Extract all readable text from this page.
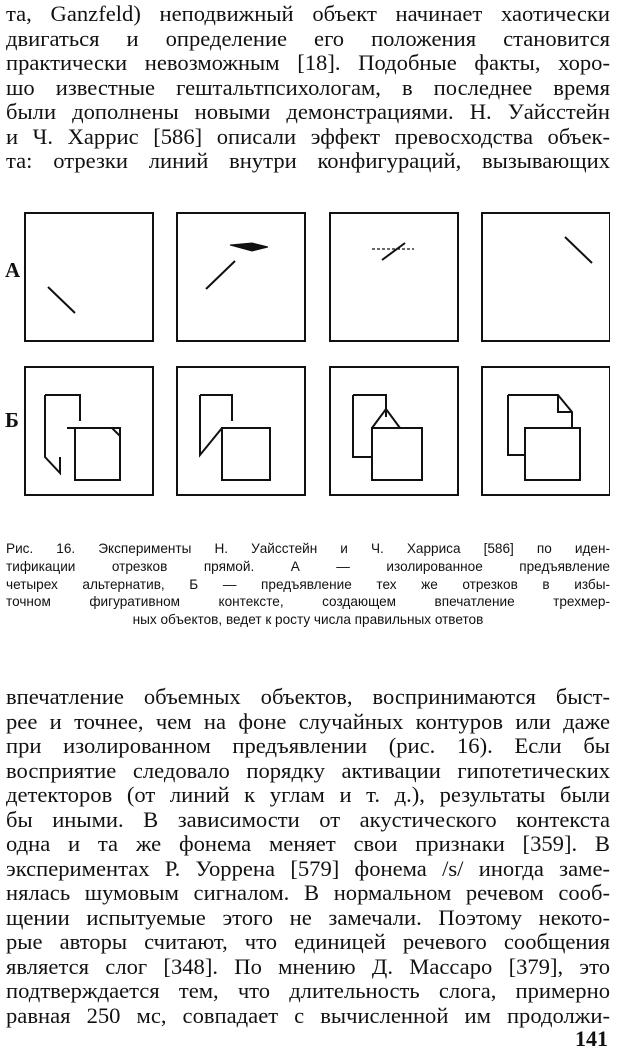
та, Ganzfeld) неподвижный объект начинает хаотически
двигаться и определение его положения становится
практически невозможным [18]. Подобные факты, хоро-
шо известные гештальтпсихологам, в последнее время
были дополнены новыми демонстрациями. Н. Уайсстейн
и Ч. Харрис [586] описали эффект превосходства объек-
та: отрезки линий внутри конфигураций, вызывающих
А
Б
Рис. 16. Эксперименты Н. Уайсстейн и Ч. Харриса [586] по иден-
тификации отрезков прямой. А — изолированное предъявление
четырех альтернатив, Б — предъявление тех же отрезков в избы-
точном фигуративном контексте, создающем впечатление трехмер-
ных объектов, ведет к росту числа правильных ответов
впечатление объемных объектов, воспринимаются быст-
рее и точнее, чем на фоне случайных контуров или даже
при изолированном предъявлении (рис. 16). Если бы
восприятие следовало порядку активации гипотетических
детекторов (от линий к углам и т. д.), результаты были
бы иными. В зависимости от акустического контекста
одна и та же фонема меняет свои признаки [359]. В
экспериментах Р. Уоррена [579] фонема /s/ иногда заме-
нялась шумовым сигналом. В нормальном речевом сооб-
щении испытуемые этого не замечали. Поэтому некото-
рые авторы считают, что единицей речевого сообщения
является слог [348]. По мнению Д. Массаро [379], это
подтверждается тем, что длительность слога, примерно
равная 250 мс, совпадает с вычисленной им продолжи-
141
